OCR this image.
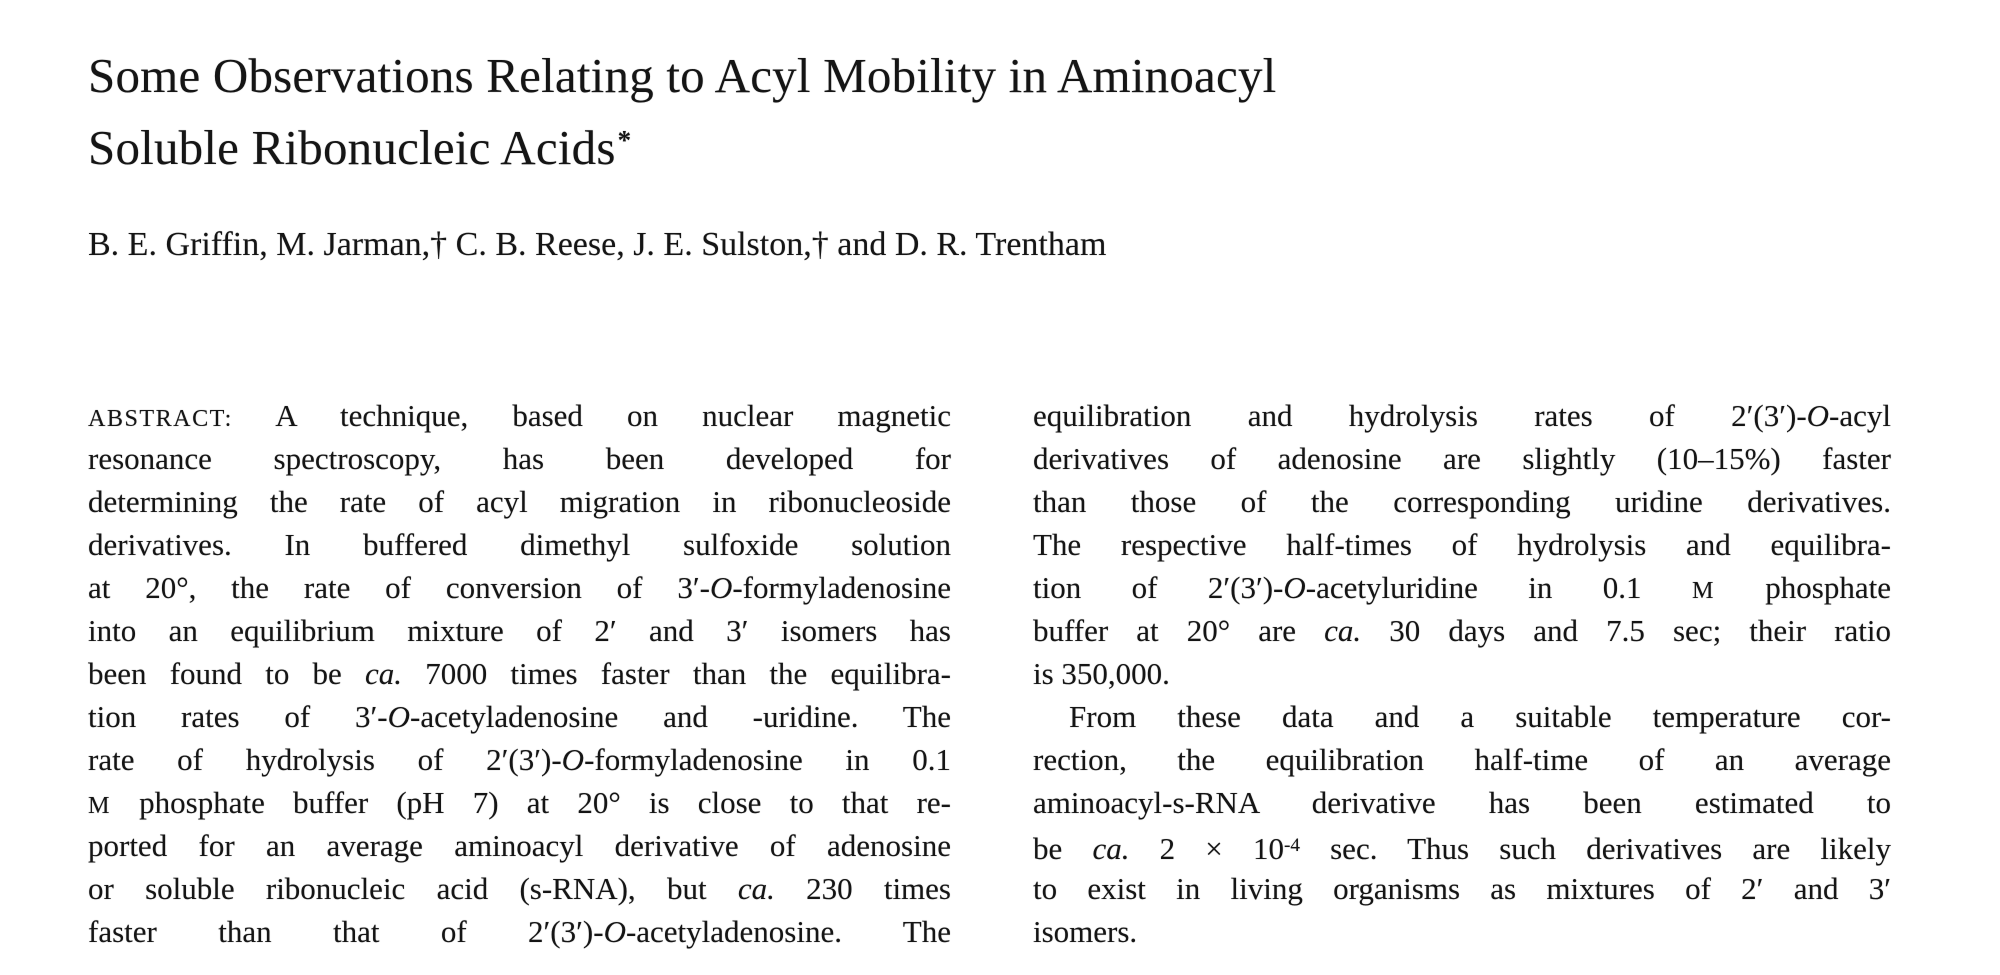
Some Observations Relating to Acyl Mobility in Aminoacyl
Soluble Ribonucleic Acids*
B. E. Griffin, M. Jarman,† C. B. Reese, J. E. Sulston,† and D. R. Trentham
ABSTRACT: A technique, based on nuclear magnetic
resonance spectroscopy, has been developed for
determining the rate of acyl migration in ribonucleoside
derivatives. In buffered dimethyl sulfoxide solution
at 20°, the rate of conversion of 3′-O-formyladenosine
into an equilibrium mixture of 2′ and 3′ isomers has
been found to be ca. 7000 times faster than the equilibra-
tion rates of 3′-O-acetyladenosine and -uridine. The
rate of hydrolysis of 2′(3′)-O-formyladenosine in 0.1
M phosphate buffer (pH 7) at 20° is close to that re-
ported for an average aminoacyl derivative of adenosine
or soluble ribonucleic acid (s-RNA), but ca. 230 times
faster than that of 2′(3′)-O-acetyladenosine. The
equilibration and hydrolysis rates of 2′(3′)-O-acyl
derivatives of adenosine are slightly (10–15%) faster
than those of the corresponding uridine derivatives.
The respective half-times of hydrolysis and equilibra-
tion of 2′(3′)-O-acetyluridine in 0.1 M phosphate
buffer at 20° are ca. 30 days and 7.5 sec; their ratio
is 350,000.
From these data and a suitable temperature cor-
rection, the equilibration half-time of an average
aminoacyl-s-RNA derivative has been estimated to
be ca. $2 \times 10^{-4}$ sec. Thus such derivatives are likely
to exist in living organisms as mixtures of 2′ and 3′
isomers.
